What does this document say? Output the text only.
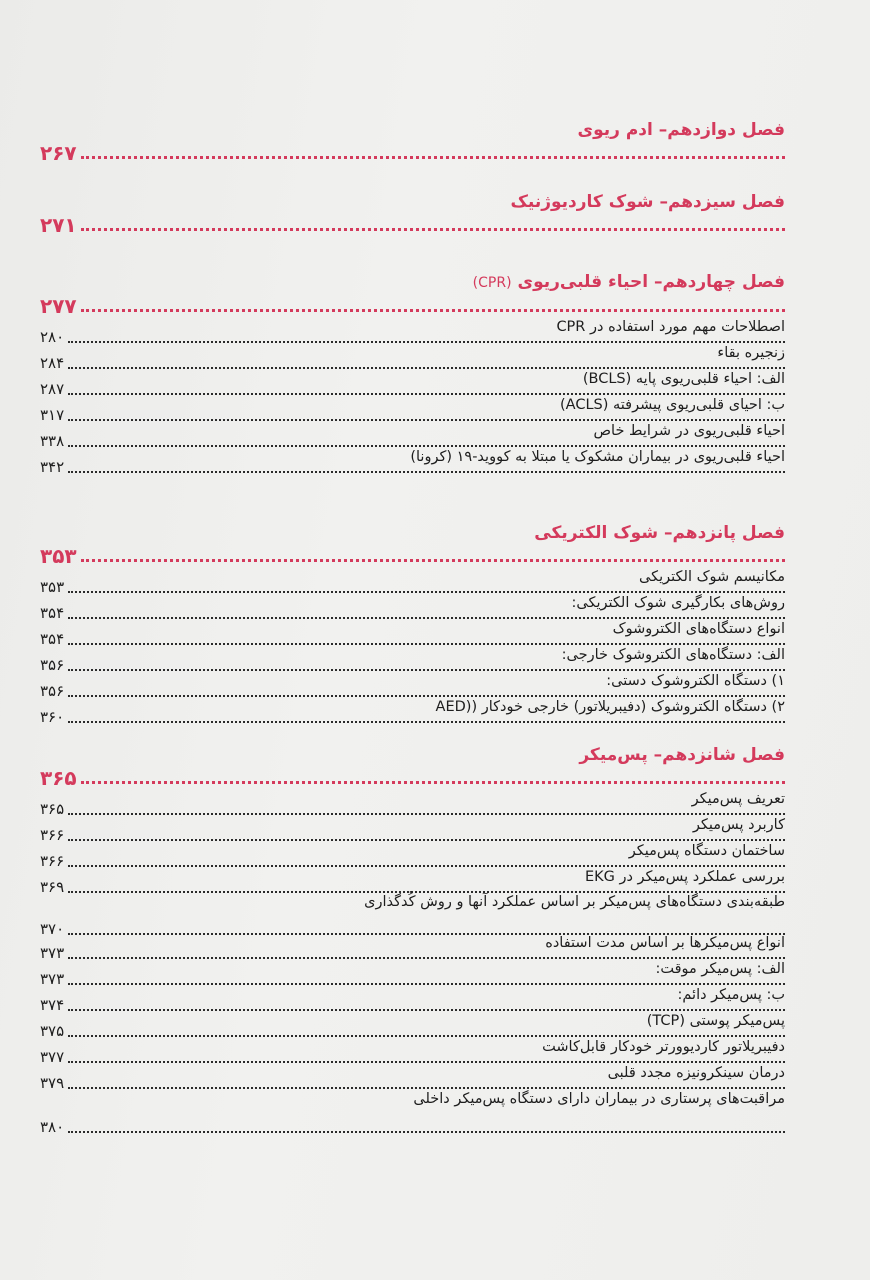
فصل دوازدهم– ادم ریوی
۲۶۷
فصل سیزدهم– شوک کاردیوژنیک
۲۷۱
فصل چهاردهم– احیاء قلبی‌ریوی (CPR)
۲۷۷
اصطلاحات مهم مورد استفاده در CPR
۲۸۰
زنجیره بقاء
۲۸۴
الف: احیاء قلبی‌ریوی پایه (BCLS)
۲۸۷
ب: احیای قلبی‌ریوی پیشرفته (ACLS)
۳۱۷
احیاء قلبی‌ریوی در شرایط خاص
۳۳۸
احیاء قلبی‌ریوی در بیماران مشکوک یا مبتلا به کووید-۱۹ (کرونا)
۳۴۲
فصل پانزدهم– شوک الکتریکی
۳۵۳
مکانیسم شوک الکتریکی
۳۵۳
روش‌های بکارگیری شوک الکتریکی:
۳۵۴
انواع دستگاه‌های الکتروشوک
۳۵۴
الف: دستگاه‌های الکتروشوک خارجی:
۳۵۶
۱) دستگاه الکتروشوک دستی:
۳۵۶
۲) دستگاه الکتروشوک (دفیبریلاتور) خارجی خودکار ((AED
۳۶۰
فصل شانزدهم– پس‌میکر
۳۶۵
تعریف پس‌میکر
۳۶۵
کاربرد پس‌میکر
۳۶۶
ساختمان دستگاه پس‌میکر
۳۶۶
بررسی عملکرد پس‌میکر در EKG
۳۶۹
طبقه‌بندی دستگاه‌های پس‌میکر بر اساس عملکرد آنها و روش کُدگذاری
۳۷۰
انواع پس‌میکرها بر اساس مدت استفاده
۳۷۳
الف: پس‌میکر موقت:
۳۷۳
ب: پس‌میکر دائم:
۳۷۴
پس‌میکر پوستی (TCP)
۳۷۵
دفیبریلاتور کاردیوورتر خودکار قابل‌کاشت
۳۷۷
درمان سینکرونیزه مجدد قلبی
۳۷۹
مراقبت‌های پرستاری در بیماران دارای دستگاه پس‌میکر داخلی
۳۸۰
